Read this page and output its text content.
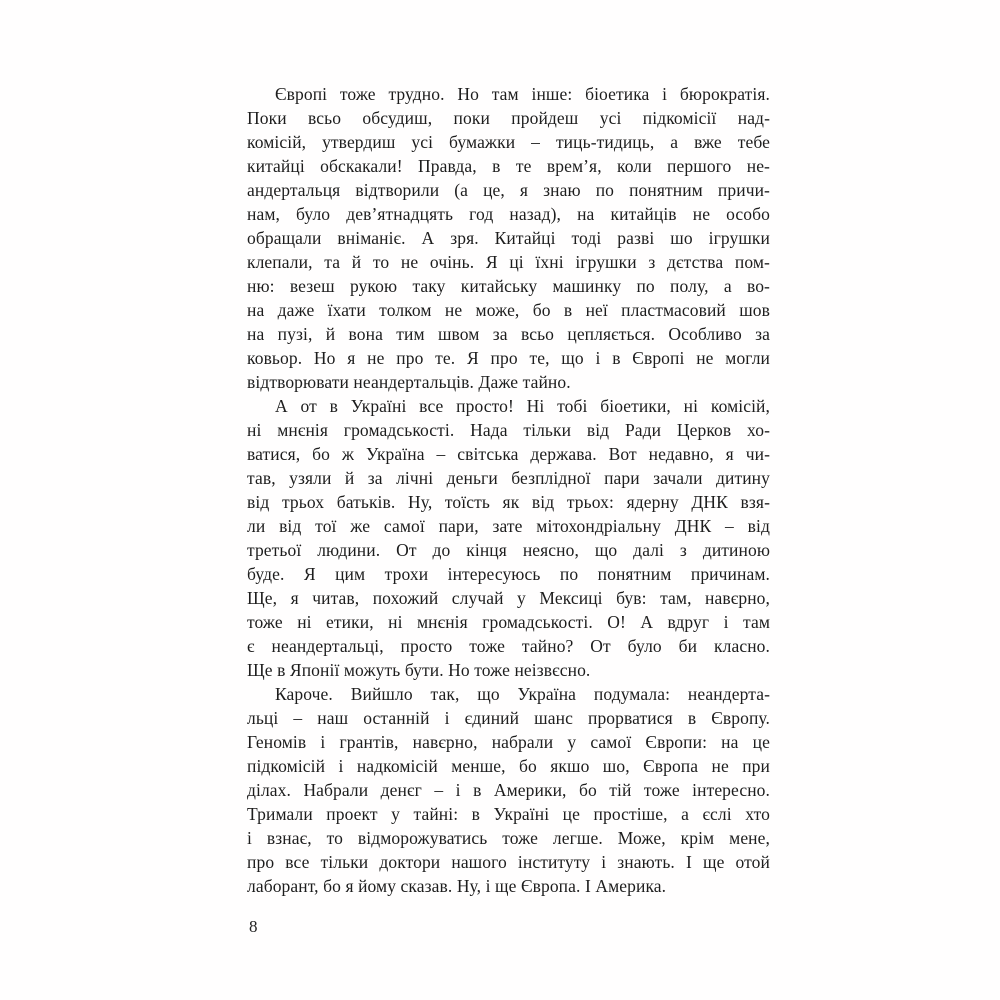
Європі тоже трудно. Но там інше: біоетика і бюрократія.
Поки всьо обсудиш, поки пройдеш усі підкомісії над-
комісій, утвердиш усі бумажки – тиць-тидиць, а вже тебе
китайці обскакали! Правда, в те врем’я, коли першого не-
андертальця відтворили (а це, я знаю по понятним причи-
нам, було дев’ятнадцять год назад), на китайців не особо
обращали вніманіє. А зря. Китайці тоді разві шо ігрушки
клепали, та й то не очінь. Я ці їхні ігрушки з дєтства пом-
ню: везеш рукою таку китайську машинку по полу, а во-
на даже їхати толком не може, бо в неї пластмасовий шов
на пузі, й вона тим швом за всьо цепляється. Особливо за
ковьор. Но я не про те. Я про те, що і в Європі не могли
відтворювати неандертальців. Даже тайно.
А от в Україні все просто! Ні тобі біоетики, ні комісій,
ні мнєнія громадськості. Нада тільки від Ради Церков хо-
ватися, бо ж Україна – світська держава. Вот недавно, я чи-
тав, узяли й за лічні деньги безплідної пари зачали дитину
від трьох батьків. Ну, тоїсть як від трьох: ядерну ДНК взя-
ли від тої же самої пари, зате мітохондріальну ДНК – від
третьої людини. От до кінця неясно, що далі з дитиною
буде. Я цим трохи інтересуюсь по понятним причинам.
Ще, я читав, похожий случай у Мексиці був: там, навєрно,
тоже ні етики, ні мнєнія громадськості. О! А вдруг і там
є неандертальці, просто тоже тайно? От було би класно.
Ще в Японії можуть бути. Но тоже неізвєсно.
Кароче. Вийшло так, що Україна подумала: неандерта-
льці – наш останній і єдиний шанс прорватися в Європу.
Геномів і грантів, навєрно, набрали у самої Європи: на це
підкомісій і надкомісій менше, бо якшо шо, Європа не при
ділах. Набрали денєг – і в Америки, бо тій тоже інтересно.
Тримали проект у тайні: в Україні це простіше, а єслі хто
і взнає, то відморожуватись тоже легше. Може, крім мене,
про все тільки доктори нашого інституту і знають. І ще отой
лаборант, бо я йому сказав. Ну, і ще Європа. І Америка.
8
